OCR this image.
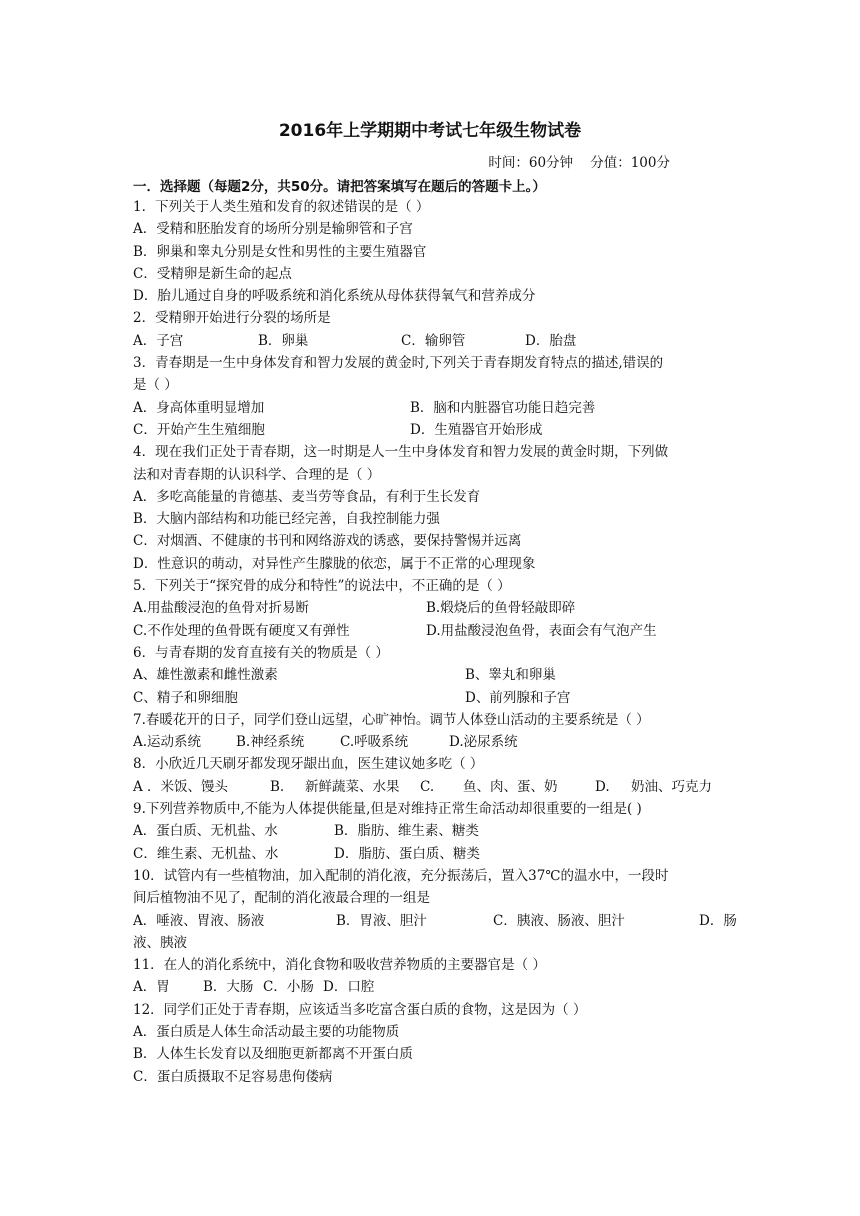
2016年上学期期中考试七年级生物试卷
时间：60分钟    分值：100分
一．选择题（每题2分，共50分。请把答案填写在题后的答题卡上。）
1．下列关于人类生殖和发育的叙述错误的是（ ）
A．受精和胚胎发育的场所分别是输卵管和子宫
B．卵巢和睾丸分别是女性和男性的主要生殖器官
C．受精卵是新生命的起点
D．胎儿通过自身的呼吸系统和消化系统从母体获得氧气和营养成分
2．受精卵开始进行分裂的场所是
A．子宫	B．卵巢	C．输卵管	D．胎盘
3．青春期是一生中身体发育和智力发展的黄金时,下列关于青春期发育特点的描述,错误的
是（ ）
A．身高体重明显增加	B．脑和内脏器官功能日趋完善
C．开始产生生殖细胞	D．生殖器官开始形成
4．现在我们正处于青春期，这一时期是人一生中身体发育和智力发展的黄金时期，下列做
法和对青春期的认识科学、合理的是（ ）
A．多吃高能量的肯德基、麦当劳等食品，有利于生长发育
B．大脑内部结构和功能已经完善，自我控制能力强
C．对烟酒、不健康的书刊和网络游戏的诱惑，要保持警惕并远离
D．性意识的萌动，对异性产生朦胧的依恋，属于不正常的心理现象
5．下列关于“探究骨的成分和特性”的说法中，不正确的是（ ）
A.用盐酸浸泡的鱼骨对折易断	B.煅烧后的鱼骨轻敲即碎
C.不作处理的鱼骨既有硬度又有弹性	D.用盐酸浸泡鱼骨，表面会有气泡产生
6．与青春期的发育直接有关的物质是（ ）
A、雄性激素和雌性激素	B、睾丸和卵巢
C、精子和卵细胞	D、前列腺和子宫
7.春暖花开的日子，同学们登山远望，心旷神怡。调节人体登山活动的主要系统是（ ）
A.运动系统	B.神经系统	C.呼吸系统	D.泌尿系统
8．小欣近几天刷牙都发现牙龈出血，医生建议她多吃（ ）
A ．米饭、馒头	B. 新鲜蔬菜、水果 C. 鱼、肉、蛋、奶	D. 奶油、巧克力
9.下列营养物质中,不能为人体提供能量,但是对维持正常生命活动却很重要的一组是( )
A．蛋白质、无机盐、水	B．脂肪、维生素、糖类
C．维生素、无机盐、水	D．脂肪、蛋白质、糖类
10．试管内有一些植物油，加入配制的消化液，充分振荡后，置入37℃的温水中，一段时
间后植物油不见了，配制的消化液最合理的一组是
A．唾液、胃液、肠液	B．胃液、胆汁	C．胰液、肠液、胆汁	D．肠
液、胰液
11．在人的消化系统中，消化食物和吸收营养物质的主要器官是（ ）
A．胃 B．大肠 C．小肠 D．口腔
12．同学们正处于青春期，应该适当多吃富含蛋白质的食物，这是因为（ ）
A．蛋白质是人体生命活动最主要的功能物质
B．人体生长发育以及细胞更新都离不开蛋白质
C．蛋白质摄取不足容易患佝偻病
